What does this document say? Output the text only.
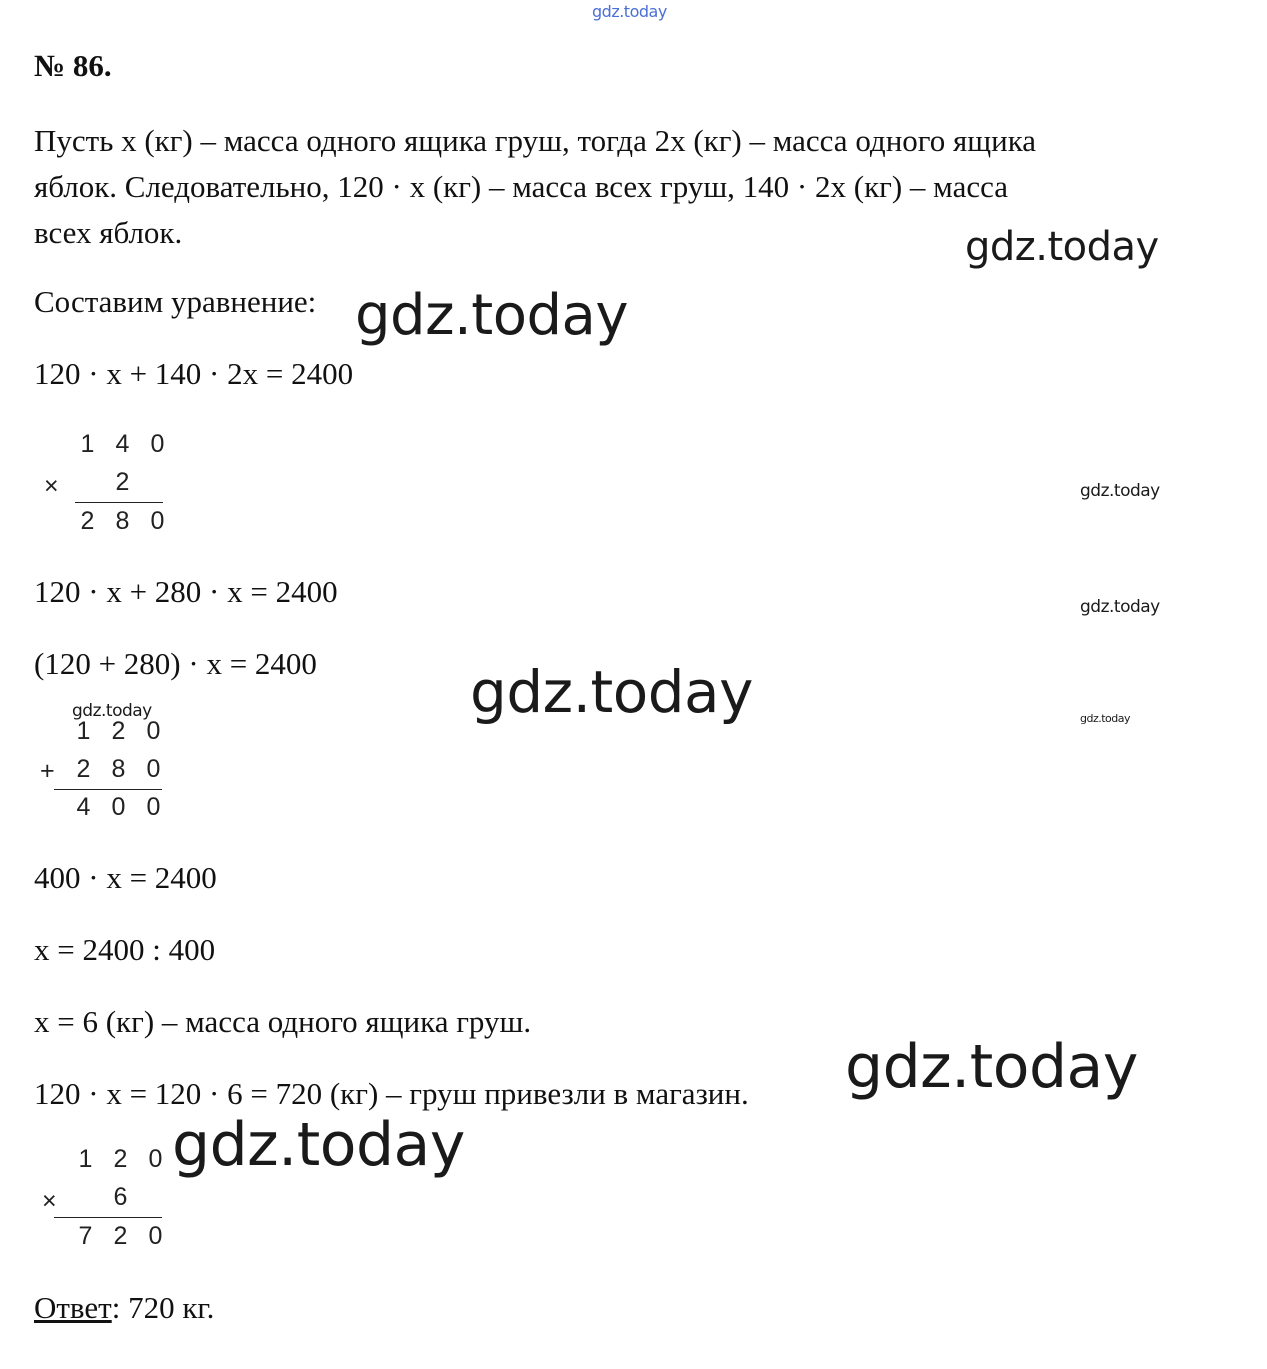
gdz.today
gdz.today
gdz.today
gdz.today
gdz.today
gdz.today
gdz.today	gdz.today
gdz.today
gdz.today
№ 86.
Пусть x (кг) – масса одного ящика груш, тогда 2x (кг) – масса одного ящика
яблок. Следовательно, 120 · x (кг) – масса всех груш, 140 · 2x (кг) – масса
всех яблок.
Составим уравнение:
120 · x + 140 · 2x = 2400
1 4 0
×	2
2 8 0
120 · x + 280 · x = 2400
(120 + 280) · x = 2400
1 2 0
+ 2 8 0
4 0 0
400 · x = 2400
x = 2400 : 400
x = 6 (кг) – масса одного ящика груш.
120 · x = 120 · 6 = 720 (кг) – груш привезли в магазин.
1 2 0
×	6
7 2 0
Ответ: 720 кг.
